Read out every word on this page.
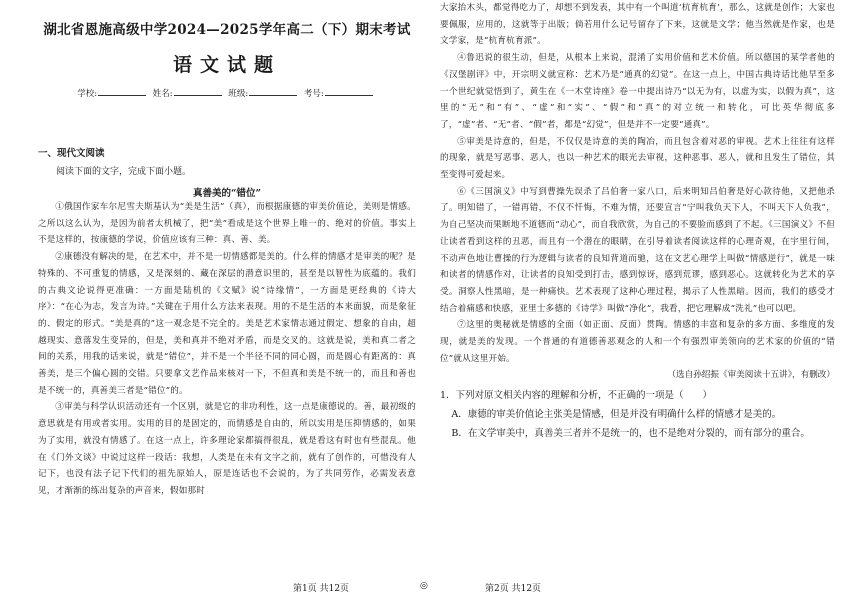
湖北省恩施高级中学2024—2025学年高二（下）期末考试
语文试题
学校:	姓名:	班级:	考号:
一、现代文阅读
阅读下面的文字，完成下面小题。
真善美的“错位”

①俄国作家车尔尼雪夫斯基认为“美是生活”（真），而根据康德的审美价值论，美则是情感。之所以这么认为，是因为前者太机械了，把“美”看成是这个世界上唯一的、绝对的价值。事实上不是这样的，按康德的学说，价值应该有三种：真、善、美。

②康德没有解决的是，在艺术中，并不是一切情感都是美的。什么样的情感才是审美的呢？是特殊的、不可重复的情感，又是深刻的、藏在深层的潜意识里的，甚至是以智性为底蕴的。我们的古典文论说得更准确：一方面是陆机的《文赋》说“诗缘情”，一方面是更经典的《诗大序》：“在心为志，发言为诗。”关键在于用什么方法来表现。用的不是生活的本来面貌，而是象征的、假定的形式。“美是真的”这一观念是不完全的。美是艺术家情志通过假定、想象的自由，超越现实、意落发生变异的，但是，美和真并不绝对矛盾，而是交叉的。这就是说，美和真二者之间的关系，用我的话来说，就是“错位”，并不是一个半径不同的同心圆，而是圆心有距离的：真善美，是三个偏心圆的交错。只要拿文艺作品来核对一下，不但真和美是不统一的，而且和善也是不统一的，真善美三者是“错位”的。

③审美与科学认识活动还有一个区别，就是它的非功利性，这一点是康德说的。善，最初级的意思就是有用或者实用。实用的目的是固定的，而情感是自由的，所以实用是压抑情感的，如果为了实用，就没有情感了。在这一点上，许多理论家都搞得很乱，就是看这有时也有些混乱。他在《门外文谈》中说过这样一段话：我想，人类是在未有文字之前，就有了创作的，可惜没有人记下，也没有法子记下代们的祖先原始人，原是连话也不会说的，为了共同劳作，必需发表意见，才渐渐的练出复杂的声音来，假如那时

大家抬木头，都觉得吃力了，却想不到发表，其中有一个叫道‘杭育杭育’，那么，这就是创作；大家也要佩服，应用的，这就等于出版；倘若用什么记号留存了下来，这就是文学；他当然就是作家，也是文学家，是“杭育杭育派”。

④鲁迅说的很生动，但是，从根本上来说，混淆了实用价值和艺术价值。所以德国的某学者他的《汉堡剧评》中，开宗明义就宣称：艺术乃是“通真的幻觉”。在这一点上，中国古典诗话比他早至多一个世纪就觉悟到了，黄生在《一木堂诗座》卷一中提出诗乃“以无为有，以虚为实，以假为真”，这里的“无”和“有”、“虚”和“实”、“假”和“真”的对立统一和转化，可比英华彻底多了，“虚”者、“无”者、“假”者，都是“幻觉”，但是并不一定要“通真”。

⑤审美是诗意的，但是，不仅仅是诗意的美的陶冶，而且包含着对恶的审视。艺术上往往有这样的现象，就是写恶事、恶人，也以一种艺术的眼光去审视，这种恶事、恶人，就和且发生了错位，其至变得可爱起来。

⑥《三国演义》中写到曹操先误杀了吕伯奢一家八口，后来明知吕伯奢是好心款待他，又把他杀了。明知错了，一错再错，不仅不忏悔，不难为情，还要宣言“宁叫我负天下人，不叫天下人负我”，为自己坚决而果断地不道德而“动心”，而自我欣赏，为自己的不要脸而感到了不起。《三国演义》不但让读者看到这样的丑恶，而且有一个潜在的眼睛，在引导着读者阅读这样的心理奇观，在宇里行间，不动声色地让曹操的行为逻辑与读者的良知背道而驰，这在文艺心理学上叫做“情感逆行”，就是一味和读者的情感作对，让读者的良知受到打击，感到惊讶，感到荒谬，感到恶心。这就转化为艺术的享受。洞察人性黑暗，是一种痛快。艺术表现了这种心理过程，揭示了人性黑暗。因而，我们的感受才结合着痛感和快感，亚里士多德的《诗学》叫做“净化”，我看，把它理解成“洗礼”也可以吧。

⑦这里的奥秘就是情感的全面（如正面、反面）贯陶。情感的丰富和复杂的多方面、多维度的发现，就是美的发现。一个普通的有道德善恶观念的人和一个有强烈审美领向的艺术家的价值的“错位”就从这里开始。

（选自孙绍振《审美阅读十五讲》，有删改）
1．下列对原文相关内容的理解和分析，不正确的一项是（　　）
A．康德的审美价值论主张美是情感，但是并没有明确什么样的情感才是美的。
B．在文学审美中，真善美三者并不是统一的，也不是绝对分裂的，而有部分的重合。
第1页 共12页	◎	第2页 共12页
